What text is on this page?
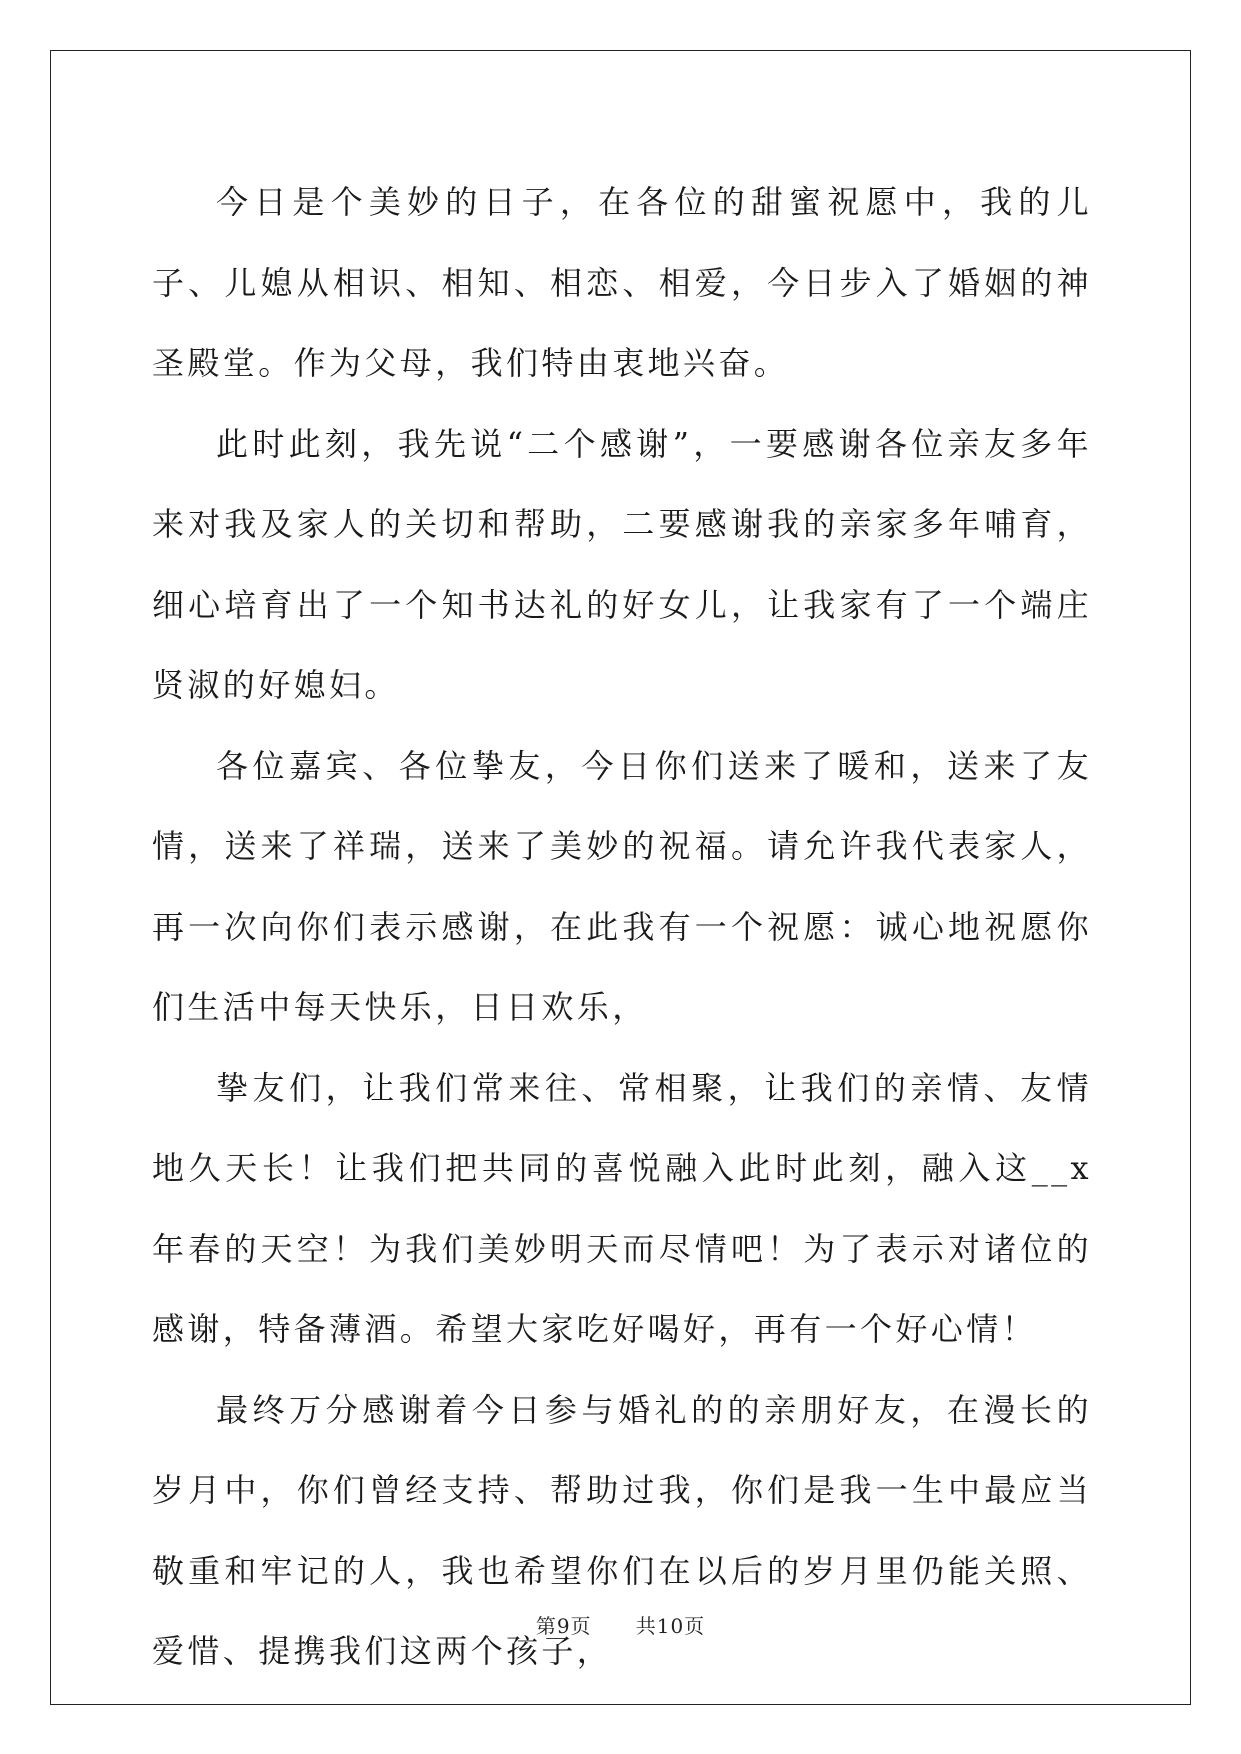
今日是个美妙的日子，在各位的甜蜜祝愿中，我的儿子、儿媳从相识、相知、相恋、相爱，今日步入了婚姻的神圣殿堂。作为父母，我们特由衷地兴奋。

此时此刻，我先说“二个感谢”，一要感谢各位亲友多年来对我及家人的关切和帮助，二要感谢我的亲家多年哺育，细心培育出了一个知书达礼的好女儿，让我家有了一个端庄贤淑的好媳妇。

各位嘉宾、各位挚友，今日你们送来了暖和，送来了友情，送来了祥瑞，送来了美妙的祝福。请允许我代表家人，再一次向你们表示感谢，在此我有一个祝愿：诚心地祝愿你们生活中每天快乐，日日欢乐，

挚友们，让我们常来往、常相聚，让我们的亲情、友情地久天长！让我们把共同的喜悦融入此时此刻，融入这__x年春的天空！为我们美妙明天而尽情吧！为了表示对诸位的感谢，特备薄酒。希望大家吃好喝好，再有一个好心情！

最终万分感谢着今日参与婚礼的的亲朋好友，在漫长的岁月中，你们曾经支持、帮助过我，你们是我一生中最应当敬重和牢记的人，我也希望你们在以后的岁月里仍能关照、爱惜、提携我们这两个孩子，

第9页 共10页
